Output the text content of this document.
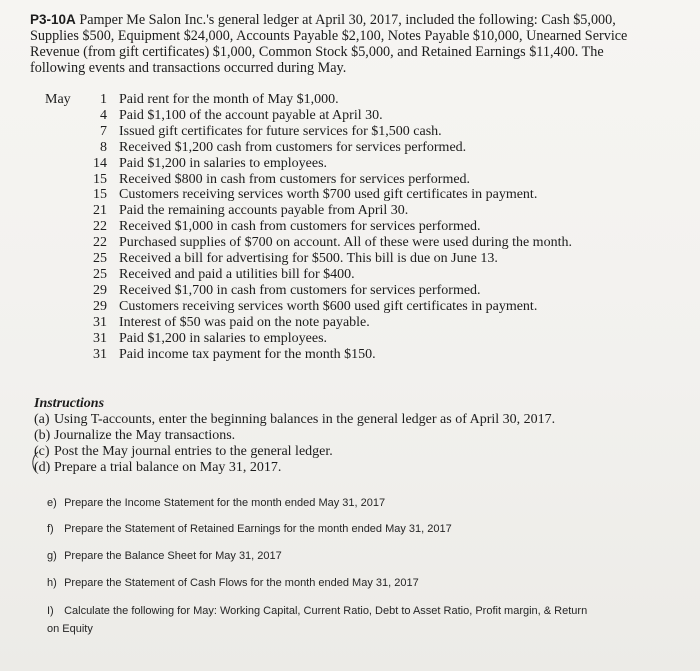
P3-10A Pamper Me Salon Inc.'s general ledger at April 30, 2017, included the following: Cash $5,000, Supplies $500, Equipment $24,000, Accounts Payable $2,100, Notes Payable $10,000, Unearned Service Revenue (from gift certificates) $1,000, Common Stock $5,000, and Retained Earnings $11,400. The following events and transactions occurred during May.
May	1 Paid rent for the month of May $1,000.
4 Paid $1,100 of the account payable at April 30.
7 Issued gift certificates for future services for $1,500 cash.
8 Received $1,200 cash from customers for services performed.
14 Paid $1,200 in salaries to employees.
15 Received $800 in cash from customers for services performed.
15 Customers receiving services worth $700 used gift certificates in payment.
21 Paid the remaining accounts payable from April 30.
22 Received $1,000 in cash from customers for services performed.
22 Purchased supplies of $700 on account. All of these were used during the month.
25 Received a bill for advertising for $500. This bill is due on June 13.
25 Received and paid a utilities bill for $400.
29 Received $1,700 in cash from customers for services performed.
29 Customers receiving services worth $600 used gift certificates in payment.
31 Interest of $50 was paid on the note payable.
31 Paid $1,200 in salaries to employees.
31 Paid income tax payment for the month $150.
Instructions
(a) Using T-accounts, enter the beginning balances in the general ledger as of April 30, 2017.
(b) Journalize the May transactions.
(c) Post the May journal entries to the general ledger.
(d) Prepare a trial balance on May 31, 2017.
e) Prepare the Income Statement for the month ended May 31, 2017
f) Prepare the Statement of Retained Earnings for the month ended May 31, 2017
g) Prepare the Balance Sheet for May 31, 2017
h) Prepare the Statement of Cash Flows for the month ended May 31, 2017
I) Calculate the following for May: Working Capital, Current Ratio, Debt to Asset Ratio, Profit margin, & Return on Equity
